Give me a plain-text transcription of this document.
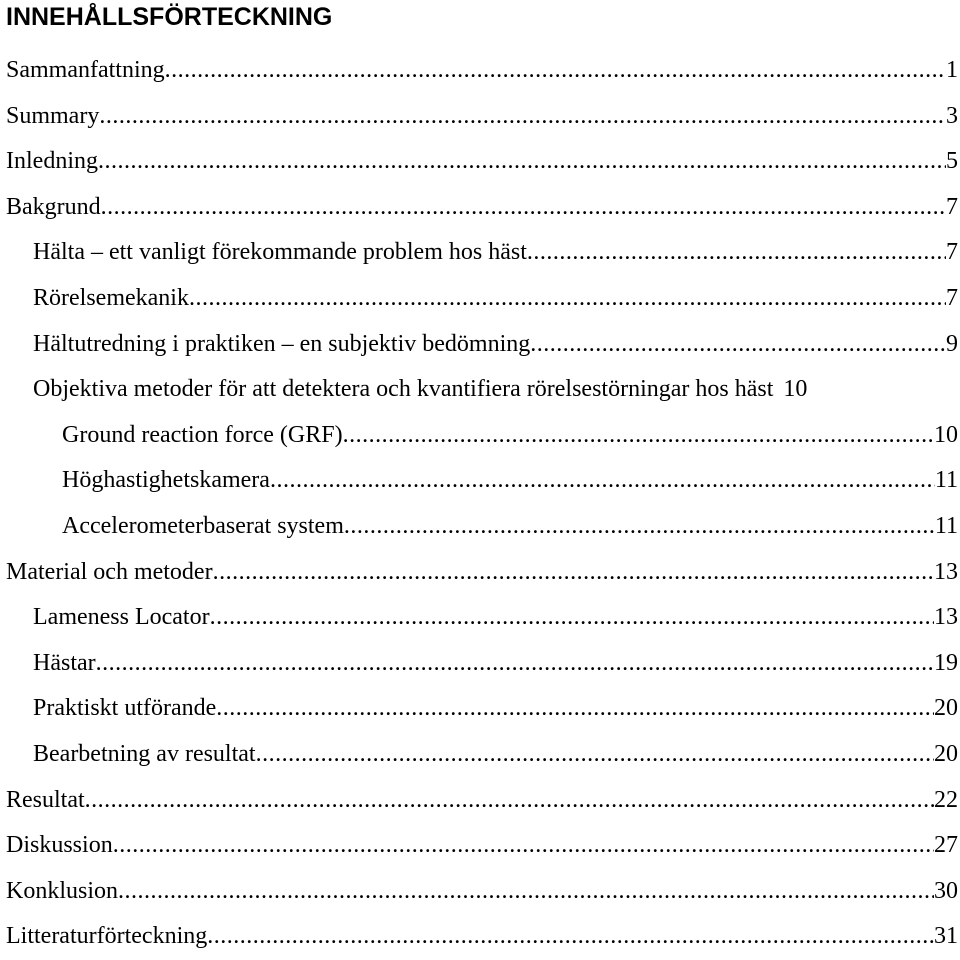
INNEHÅLLSFÖRTECKNING
Sammanfattning .....	1
Summary .....	3
Inledning .....	5
Bakgrund .....	7
Hälta – ett vanligt förekommande problem hos häst .....	7
Rörelsemekanik .....	7
Hältutredning i praktiken – en subjektiv bedömning .....	9
Objektiva metoder för att detektera och kvantifiera rörelsestörningar hos häst 10
Ground reaction force (GRF) .....	10
Höghastighetskamera .....	11
Accelerometerbaserat system .....	11
Material och metoder .....	13
Lameness Locator .....	13
Hästar .....	19
Praktiskt utförande .....	20
Bearbetning av resultat .....	20
Resultat .....	22
Diskussion .....	27
Konklusion .....	30
Litteraturförteckning .....	31
